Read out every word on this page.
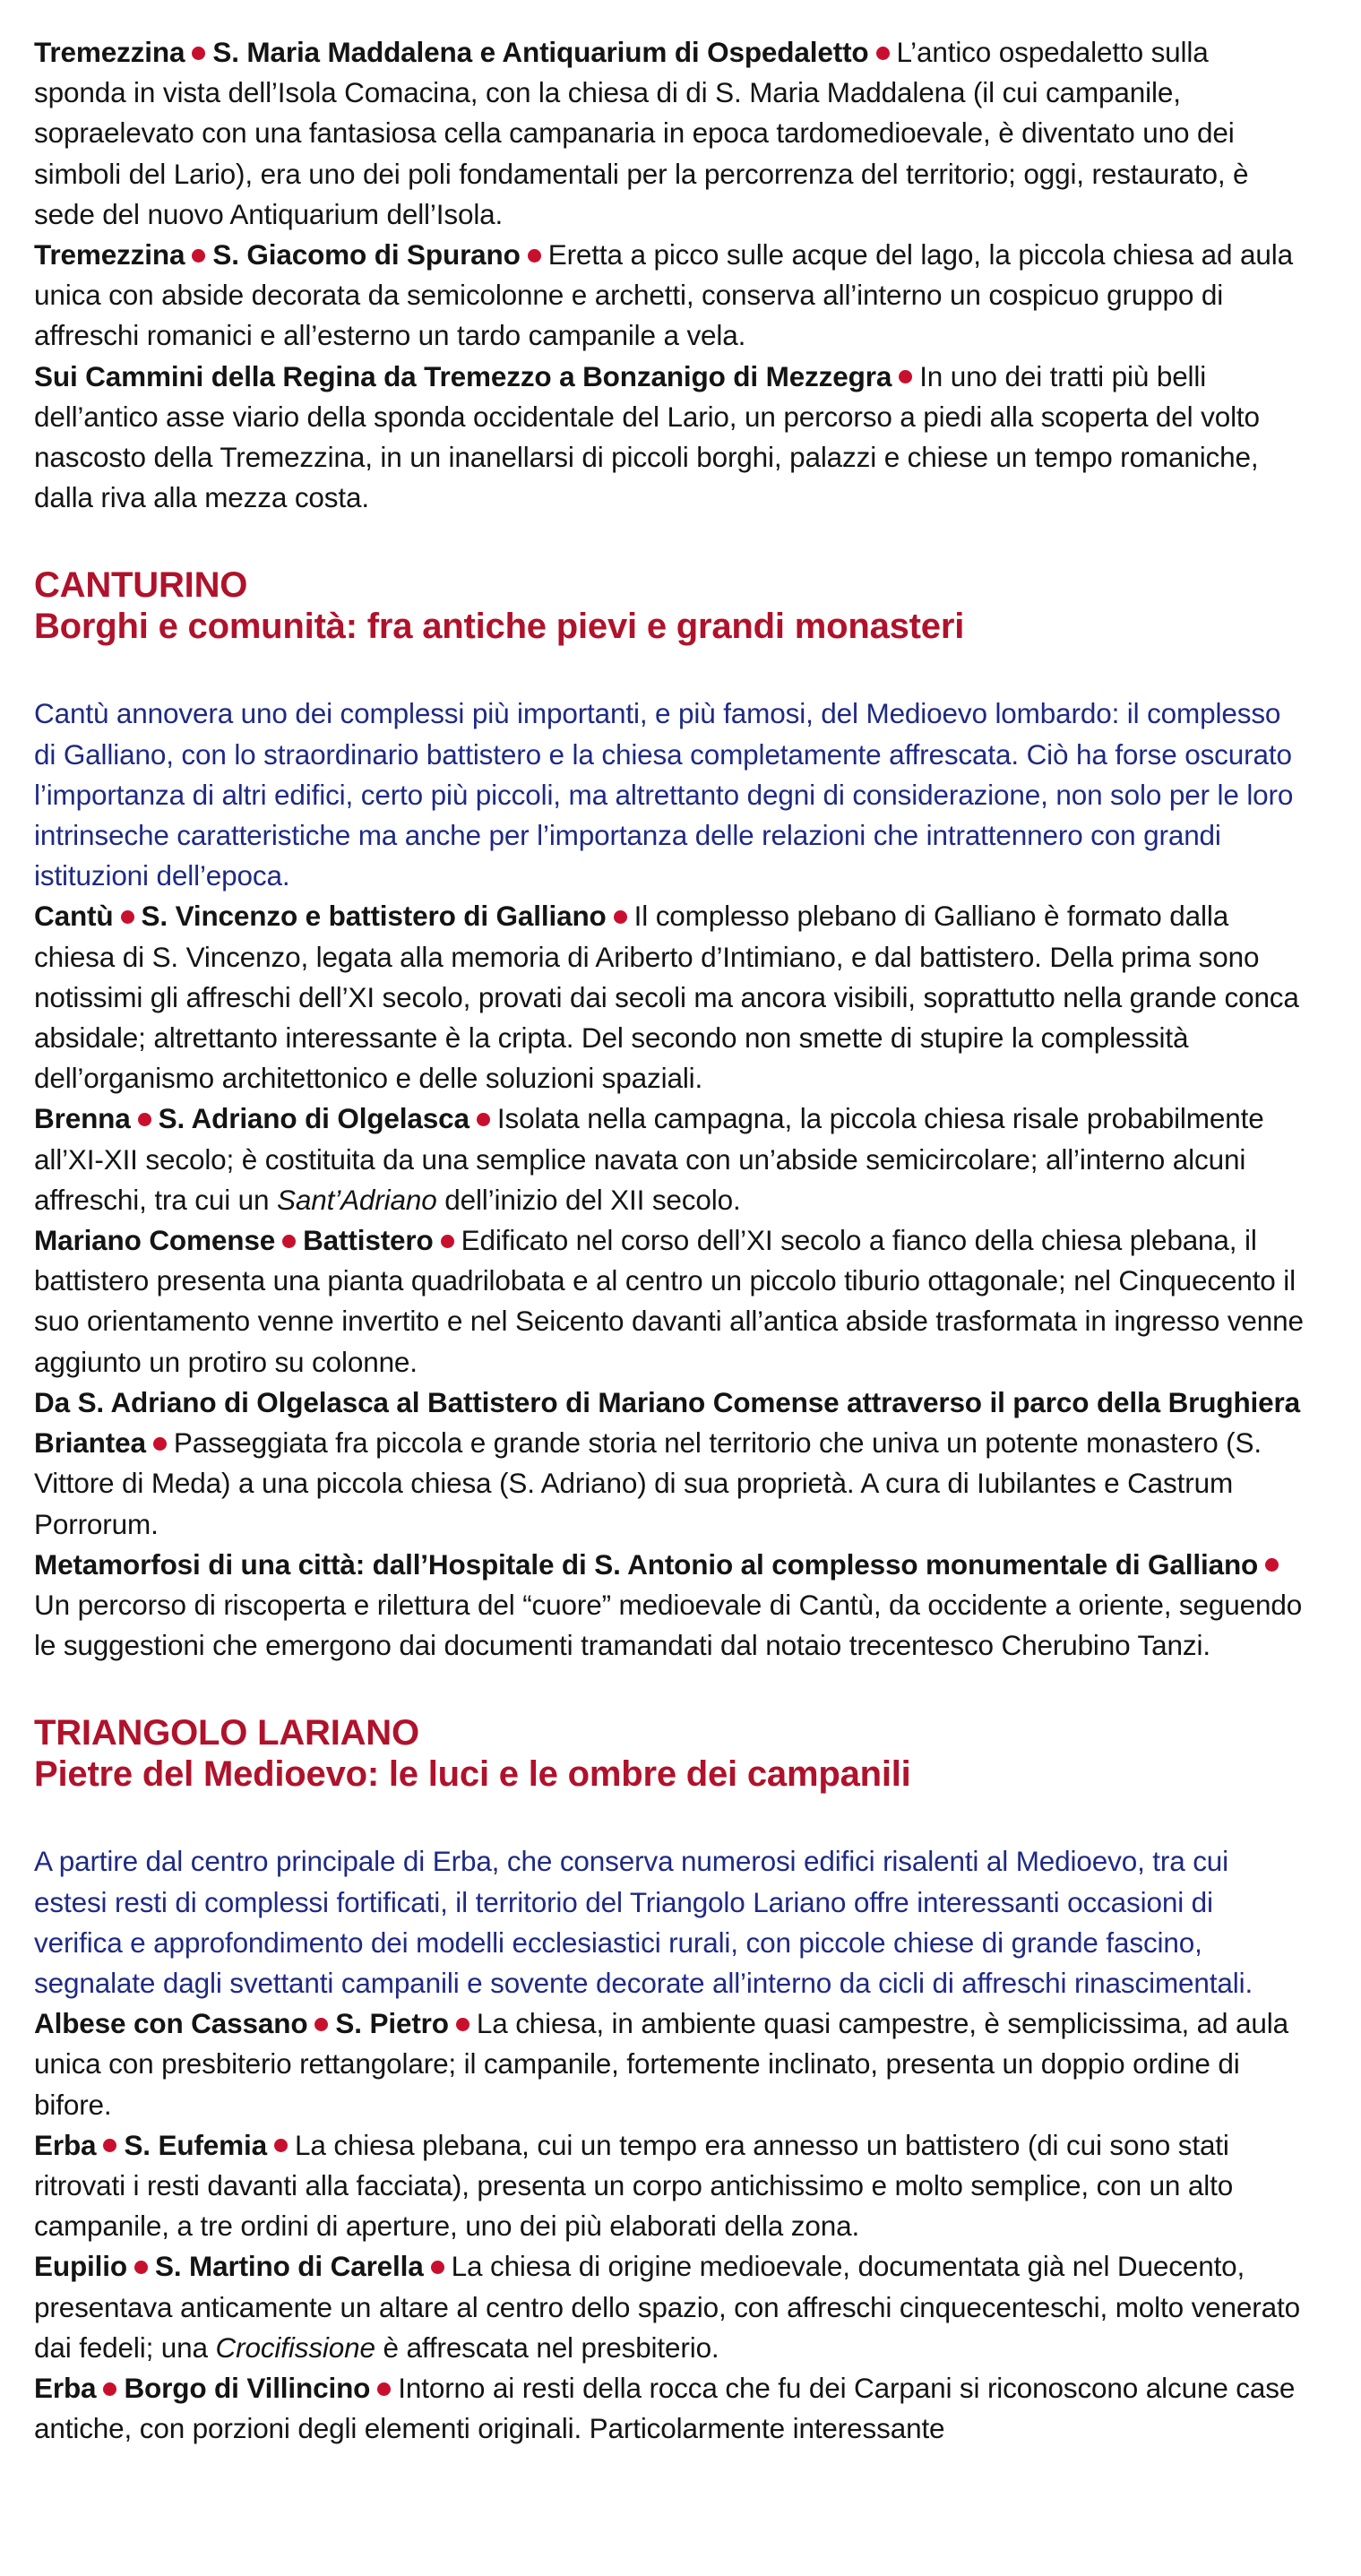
Tremezzina S. Maria Maddalena e Antiquarium di Ospedaletto L’antico ospedaletto sulla sponda in vista dell’Isola Comacina, con la chiesa di di S. Maria Maddalena (il cui campanile, sopraelevato con una fantasiosa cella campanaria in epoca tardomedioevale, è diventato uno dei simboli del Lario), era uno dei poli fondamentali per la percorrenza del territorio; oggi, restaurato, è sede del nuovo Antiquarium dell’Isola.

Tremezzina S. Giacomo di Spurano Eretta a picco sulle acque del lago, la piccola chiesa ad aula unica con abside decorata da semicolonne e archetti, conserva all’interno un cospicuo gruppo di affreschi romanici e all’esterno un tardo campanile a vela.

Sui Cammini della Regina da Tremezzo a Bonzanigo di Mezzegra In uno dei tratti più belli dell’antico asse viario della sponda occidentale del Lario, un percorso a piedi alla scoperta del volto nascosto della Tremezzina, in un inanellarsi di piccoli borghi, palazzi e chiese un tempo romaniche, dalla riva alla mezza costa.

CANTURINO

Borghi e comunità: fra antiche pievi e grandi monasteri

Cantù annovera uno dei complessi più importanti, e più famosi, del Medioevo lombardo: il complesso di Galliano, con lo straordinario battistero e la chiesa completamente affrescata. Ciò ha forse oscurato l’importanza di altri edifici, certo più piccoli, ma altrettanto degni di considerazione, non solo per le loro intrinseche caratteristiche ma anche per l’importanza delle relazioni che intrattennero con grandi istituzioni dell’epoca.

Cantù S. Vincenzo e battistero di Galliano Il complesso plebano di Galliano è formato dalla chiesa di S. Vincenzo, legata alla memoria di Ariberto d’Intimiano, e dal battistero. Della prima sono notissimi gli affreschi dell’XI secolo, provati dai secoli ma ancora visibili, soprattutto nella grande conca absidale; altrettanto interessante è la cripta. Del secondo non smette di stupire la complessità dell’organismo architettonico e delle soluzioni spaziali.

Brenna S. Adriano di Olgelasca Isolata nella campagna, la piccola chiesa risale probabilmente all’XI-XII secolo; è costituita da una semplice navata con un’abside semicircolare; all’interno alcuni affreschi, tra cui un Sant’Adriano dell’inizio del XII secolo.

Mariano Comense Battistero Edificato nel corso dell’XI secolo a fianco della chiesa plebana, il battistero presenta una pianta quadrilobata e al centro un piccolo tiburio ottagonale; nel Cinquecento il suo orientamento venne invertito e nel Seicento davanti all’antica abside trasformata in ingresso venne aggiunto un protiro su colonne.

Da S. Adriano di Olgelasca al Battistero di Mariano Comense attraverso il parco della Brughiera Briantea Passeggiata fra piccola e grande storia nel territorio che univa un potente monastero (S. Vittore di Meda) a una piccola chiesa (S. Adriano) di sua proprietà. A cura di Iubilantes e Castrum Porrorum.

Metamorfosi di una città: dall’Hospitale di S. Antonio al complesso monumentale di GallianoUn percorso di riscoperta e rilettura del “cuore” medioevale di Cantù, da occidente a oriente, seguendo le suggestioni che emergono dai documenti tramandati dal notaio trecentesco Cherubino Tanzi.

TRIANGOLO LARIANO

Pietre del Medioevo: le luci e le ombre dei campanili

A partire dal centro principale di Erba, che conserva numerosi edifici risalenti al Medioevo, tra cui estesi resti di complessi fortificati, il territorio del Triangolo Lariano offre interessanti occasioni di verifica e approfondimento dei modelli ecclesiastici rurali, con piccole chiese di grande fascino, segnalate dagli svettanti campanili e sovente decorate all’interno da cicli di affreschi rinascimentali.

Albese con Cassano S. Pietro La chiesa, in ambiente quasi campestre, è semplicissima, ad aula unica con presbiterio rettangolare; il campanile, fortemente inclinato, presenta un doppio ordine di bifore.

Erba S. Eufemia La chiesa plebana, cui un tempo era annesso un battistero (di cui sono stati ritrovati i resti davanti alla facciata), presenta un corpo antichissimo e molto semplice, con un alto campanile, a tre ordini di aperture, uno dei più elaborati della zona.

Eupilio S. Martino di Carella La chiesa di origine medioevale, documentata già nel Duecento, presentava anticamente un altare al centro dello spazio, con affreschi cinquecenteschi, molto venerato dai fedeli; una Crocifissione è affrescata nel presbiterio.

Erba Borgo di Villincino Intorno ai resti della rocca che fu dei Carpani si riconoscono alcune case antiche, con porzioni degli elementi originali. Particolarmente interessante
